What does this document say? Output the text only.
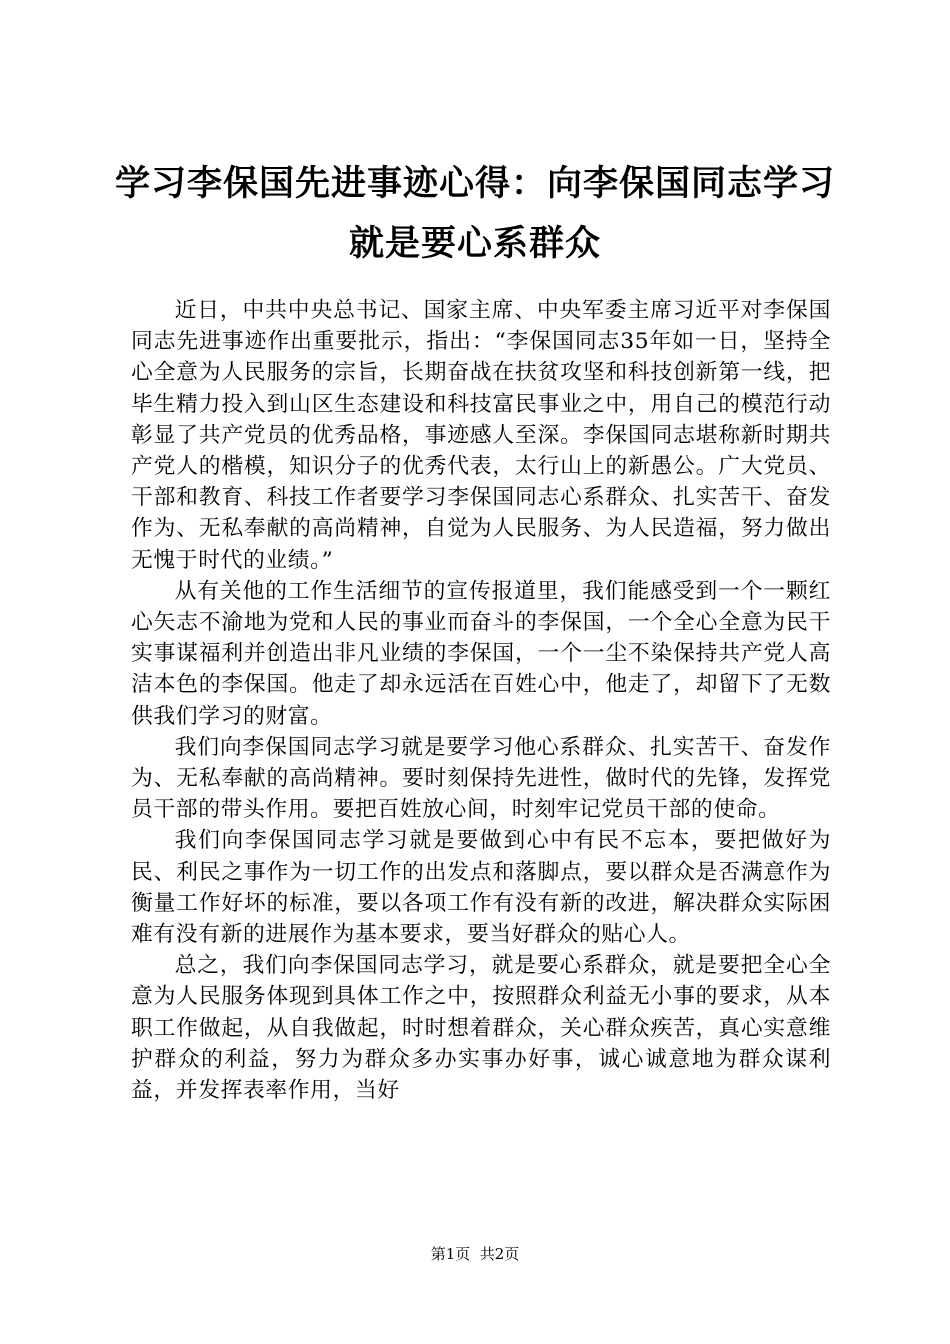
学习李保国先进事迹心得：向李保国同志学习
就是要心系群众

近日，中共中央总书记、国家主席、中央军委主席习近平对李保国同志先进事迹作出重要批示，指出：“李保国同志35年如一日，坚持全心全意为人民服务的宗旨，长期奋战在扶贫攻坚和科技创新第一线，把毕生精力投入到山区生态建设和科技富民事业之中，用自己的模范行动彰显了共产党员的优秀品格，事迹感人至深。李保国同志堪称新时期共产党人的楷模，知识分子的优秀代表，太行山上的新愚公。广大党员、干部和教育、科技工作者要学习李保国同志心系群众、扎实苦干、奋发作为、无私奉献的高尚精神，自觉为人民服务、为人民造福，努力做出无愧于时代的业绩。”

从有关他的工作生活细节的宣传报道里，我们能感受到一个一颗红心矢志不渝地为党和人民的事业而奋斗的李保国，一个全心全意为民干实事谋福利并创造出非凡业绩的李保国，一个一尘不染保持共产党人高洁本色的李保国。他走了却永远活在百姓心中，他走了，却留下了无数供我们学习的财富。

我们向李保国同志学习就是要学习他心系群众、扎实苦干、奋发作为、无私奉献的高尚精神。要时刻保持先进性，做时代的先锋，发挥党员干部的带头作用。要把百姓放心间，时刻牢记党员干部的使命。

我们向李保国同志学习就是要做到心中有民不忘本，要把做好为民、利民之事作为一切工作的出发点和落脚点，要以群众是否满意作为衡量工作好坏的标准，要以各项工作有没有新的改进，解决群众实际困难有没有新的进展作为基本要求，要当好群众的贴心人。

总之，我们向李保国同志学习，就是要心系群众，就是要把全心全意为人民服务体现到具体工作之中，按照群众利益无小事的要求，从本职工作做起，从自我做起，时时想着群众，关心群众疾苦，真心实意维护群众的利益，努力为群众多办实事办好事，诚心诚意地为群众谋利益，并发挥表率作用，当好

第1页  共2页
